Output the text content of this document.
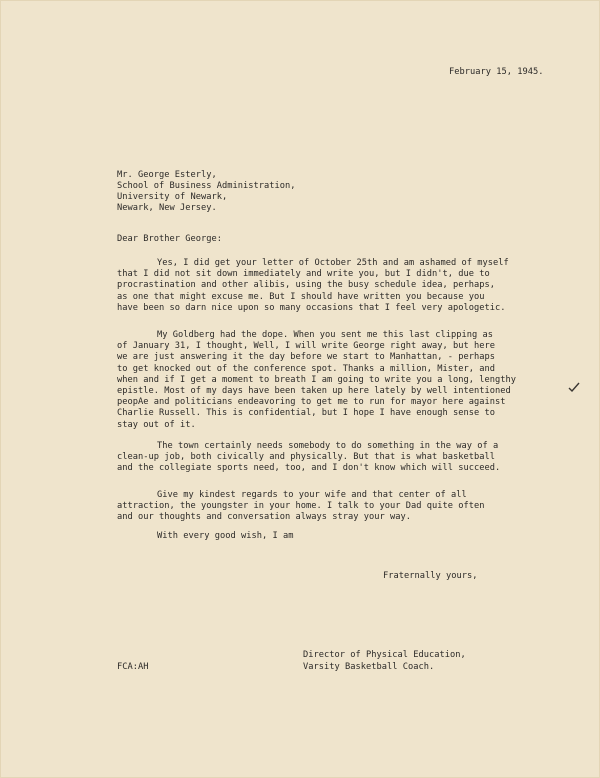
February 15, 1945.
Mr. George Esterly,
School of Business Administration,
University of Newark,
Newark, New Jersey.
Dear Brother George:
Yes, I did get your letter of October 25th and am ashamed of myself
that I did not sit down immediately and write you, but I didn't, due to
procrastination and other alibis, using the busy schedule idea, perhaps,
as one that might excuse me. But I should have written you because you
have been so darn nice upon so many occasions that I feel very apologetic.
My Goldberg had the dope. When you sent me this last clipping as
of January 31, I thought, Well, I will write George right away, but here
we are just answering it the day before we start to Manhattan, - perhaps
to get knocked out of the conference spot. Thanks a million, Mister, and
when and if I get a moment to breath I am going to write you a long, lengthy
epistle. Most of my days have been taken up here lately by well intentioned
peopAe and politicians endeavoring to get me to run for mayor here against
Charlie Russell. This is confidential, but I hope I have enough sense to
stay out of it.
The town certainly needs somebody to do something in the way of a
clean-up job, both civically and physically. But that is what basketball
and the collegiate sports need, too, and I don't know which will succeed.
Give my kindest regards to your wife and that center of all
attraction, the youngster in your home. I talk to your Dad quite often
and our thoughts and conversation always stray your way.
With every good wish, I am
Fraternally yours,
Director of Physical Education,
Varsity Basketball Coach.
FCA:AH
